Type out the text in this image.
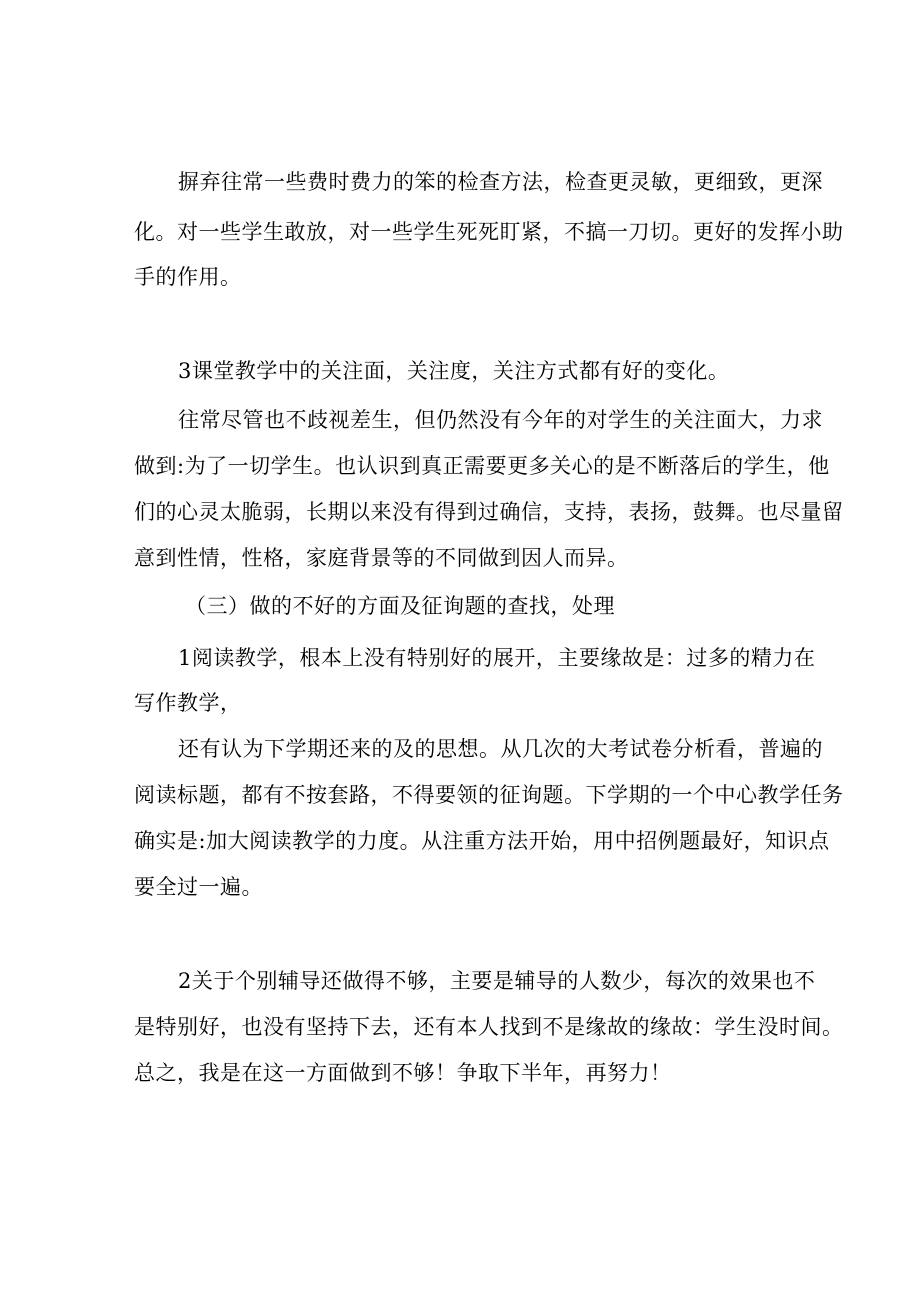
摒弃往常一些费时费力的笨的检查方法，检查更灵敏，更细致，更深

化。对一些学生敢放，对一些学生死死盯紧，不搞一刀切。更好的发挥小助

手的作用。

3课堂教学中的关注面，关注度，关注方式都有好的变化。

往常尽管也不歧视差生，但仍然没有今年的对学生的关注面大，力求

做到:为了一切学生。也认识到真正需要更多关心的是不断落后的学生，他

们的心灵太脆弱，长期以来没有得到过确信，支持，表扬，鼓舞。也尽量留

意到性情，性格，家庭背景等的不同做到因人而异。

（三）做的不好的方面及征询题的查找，处理

1阅读教学，根本上没有特别好的展开，主要缘故是：过多的精力在

写作教学，

还有认为下学期还来的及的思想。从几次的大考试卷分析看，普遍的

阅读标题，都有不按套路，不得要领的征询题。下学期的一个中心教学任务

确实是:加大阅读教学的力度。从注重方法开始，用中招例题最好，知识点

要全过一遍。

2关于个别辅导还做得不够，主要是辅导的人数少，每次的效果也不

是特别好，也没有坚持下去，还有本人找到不是缘故的缘故：学生没时间。

总之，我是在这一方面做到不够！争取下半年，再努力！
